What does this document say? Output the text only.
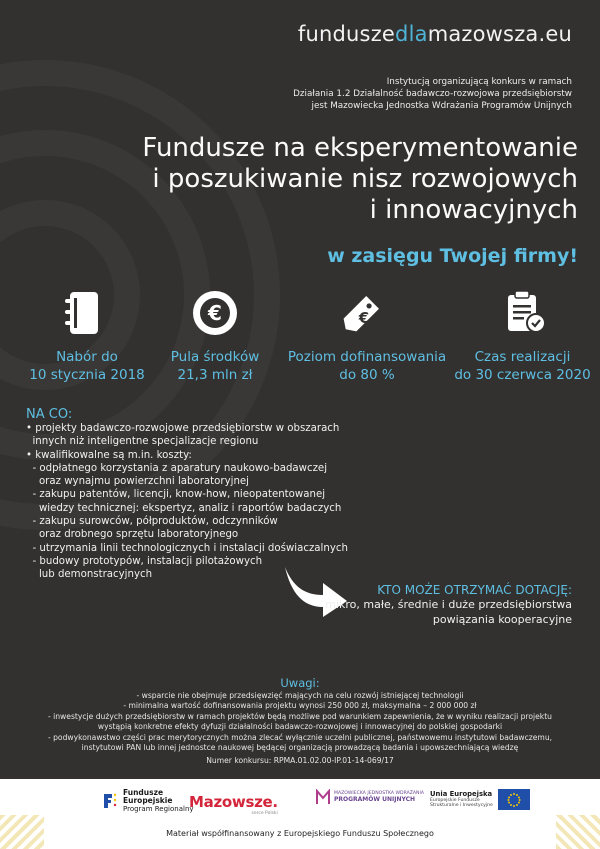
funduszedlamazowsza.eu
Instytucją organizującą konkurs w ramach
Działania 1.2 Działalność badawczo-rozwojowa przedsiębiorstw
jest Mazowiecka Jednostka Wdrażania Programów Unijnych
Fundusze na eksperymentowanie
i poszukiwanie nisz rozwojowych
i innowacyjnych
w zasięgu Twojej firmy!
€	€
Nabór do
10 stycznia 2018
Pula środków
21,3 mln zł
Poziom dofinansowania
do 80 %
Czas realizacji
do 30 czerwca 2020
NA CO:
• projekty badawczo-rozwojowe przedsiębiorstw w obszarach
innych niż inteligentne specjalizacje regionu
• kwalifikowalne są m.in. koszty:
- odpłatnego korzystania z aparatury naukowo-badawczej
oraz wynajmu powierzchni laboratoryjnej
- zakupu patentów, licencji, know-how, nieopatentowanej
wiedzy technicznej: ekspertyz, analiz i raportów badaczych
- zakupu surowców, półproduktów, odczynników
oraz drobnego sprzętu laboratoryjnego
- utrzymania linii technologicznych i instalacji doświaczalnych
- budowy prototypów, instalacji pilotażowych
lub demonstracyjnych
KTO MOŻE OTRZYMAĆ DOTACJĘ:
mikro, małe, średnie i duże przedsiębiorstwa
powiązania kooperacyjne
Uwagi:
- wsparcie nie obejmuje przedsięwzięć mających na celu rozwój istniejącej technologii
- minimalna wartość dofinansowania projektu wynosi 250 000 zł, maksymalna – 2 000 000 zł
- inwestycje dużych przedsiębiorstw w ramach projektów będą możliwe pod warunkiem zapewnienia, że w wyniku realizacji projektu
wystąpią konkretne efekty dyfuzji działalności badawczo-rozwojowej i innowacyjnej do polskiej gospodarki
- podwykonawstwo części prac merytorycznych można zlecać wyłącznie uczelni publicznej, państwowemu instytutowi badawczemu,
instytutowi PAN lub innej jednostce naukowej będącej organizacją prowadzącą badania i upowszechniającą wiedzę
Numer konkursu: RPMA.01.02.00-IP.01-14-069/17
Fundusze
Europejskie
Program Regionalny
Mazowsze.
serce Polski
MAZOWIECKA JEDNOSTKA WDRAŻANIA
PROGRAMÓW UNIJNYCH
Unia Europejska
Europejskie Fundusze
Strukturalne i Inwestycyjne
Materiał współfinansowany z Europejskiego Funduszu Społecznego
